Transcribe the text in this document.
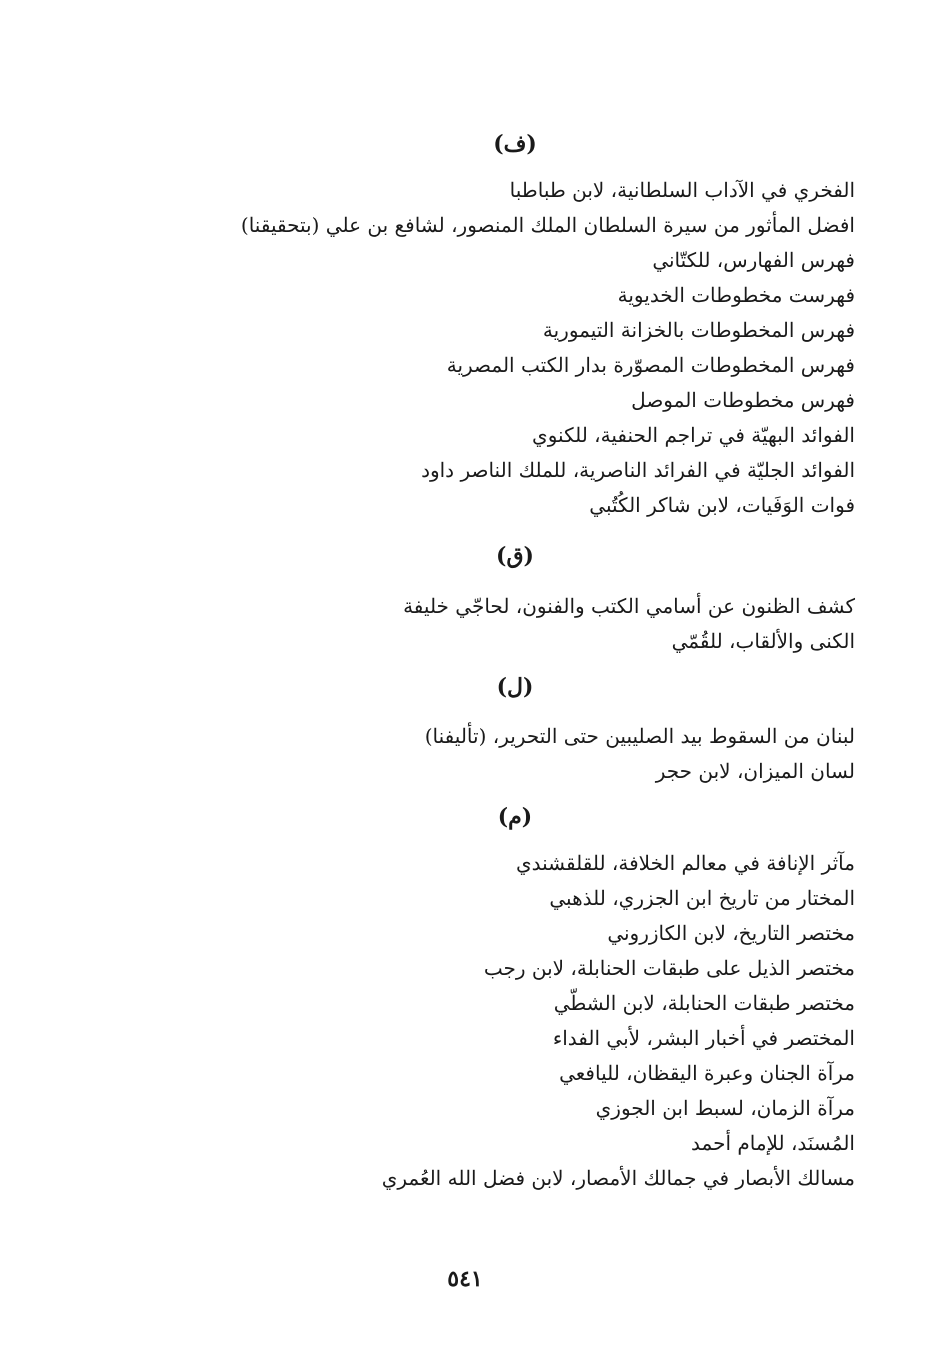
(ف)
الفخري في الآداب السلطانية، لابن طباطبا
افضل المأثور من سيرة السلطان الملك المنصور، لشافع بن علي (بتحقيقنا)
فهرس الفهارس، للكتّاني
فهرست مخطوطات الخديوية
فهرس المخطوطات بالخزانة التيمورية
فهرس المخطوطات المصوّرة بدار الكتب المصرية
فهرس مخطوطات الموصل
الفوائد البهيّة في تراجم الحنفية، للكنوي
الفوائد الجليّة في الفرائد الناصرية، للملك الناصر داود
فوات الوَفَيات، لابن شاكر الكُتُبي
(ق)
كشف الظنون عن أسامي الكتب والفنون، لحاجّي خليفة
الكنى والألقاب، للقُمّي
(ل)
لبنان من السقوط بيد الصليبين حتى التحرير، (تأليفنا)
لسان الميزان، لابن حجر
(م)
مآثر الإنافة في معالم الخلافة، للقلقشندي
المختار من تاريخ ابن الجزري، للذهبي
مختصر التاريخ، لابن الكازروني
مختصر الذيل على طبقات الحنابلة، لابن رجب
مختصر طبقات الحنابلة، لابن الشطّي
المختصر في أخبار البشر، لأبي الفداء
مرآة الجنان وعبرة اليقظان، لليافعي
مرآة الزمان، لسبط ابن الجوزي
المُسنَد، للإمام أحمد
مسالك الأبصار في جمالك الأمصار، لابن فضل الله العُمري
٥٤١
